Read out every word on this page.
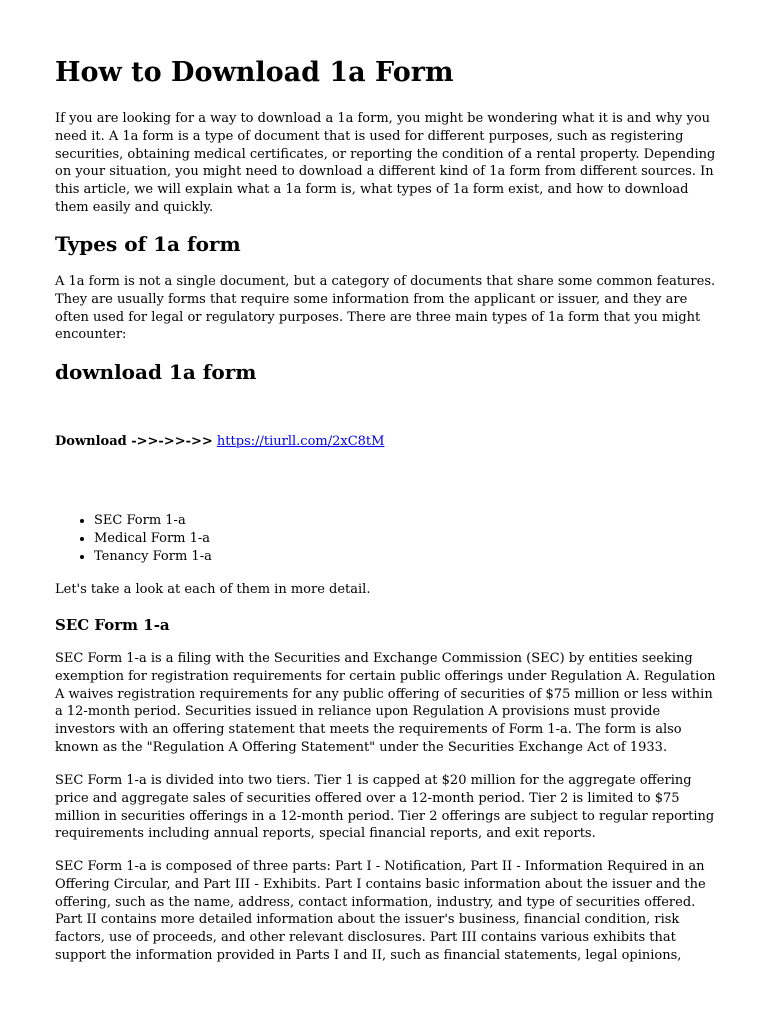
How to Download 1a Form

If you are looking for a way to download a 1a form, you might be wondering what it is and why you need it. A 1a form is a type of document that is used for different purposes, such as registering securities, obtaining medical certificates, or reporting the condition of a rental property. Depending on your situation, you might need to download a different kind of 1a form from different sources. In this article, we will explain what a 1a form is, what types of 1a form exist, and how to download them easily and quickly.

Types of 1a form

A 1a form is not a single document, but a category of documents that share some common features. They are usually forms that require some information from the applicant or issuer, and they are often used for legal or regulatory purposes. There are three main types of 1a form that you might encounter:

download 1a form
Download ->>->>->> https://tiurll.com/2xC8tM
• SEC Form 1-a
• Medical Form 1-a
• Tenancy Form 1-a

Let's take a look at each of them in more detail.

SEC Form 1-a

SEC Form 1-a is a filing with the Securities and Exchange Commission (SEC) by entities seeking exemption for registration requirements for certain public offerings under Regulation A. Regulation A waives registration requirements for any public offering of securities of $75 million or less within a 12-month period. Securities issued in reliance upon Regulation A provisions must provide investors with an offering statement that meets the requirements of Form 1-a. The form is also known as the "Regulation A Offering Statement" under the Securities Exchange Act of 1933.

SEC Form 1-a is divided into two tiers. Tier 1 is capped at $20 million for the aggregate offering price and aggregate sales of securities offered over a 12-month period. Tier 2 is limited to $75 million in securities offerings in a 12-month period. Tier 2 offerings are subject to regular reporting requirements including annual reports, special financial reports, and exit reports.

SEC Form 1-a is composed of three parts: Part I - Notification, Part II - Information Required in an Offering Circular, and Part III - Exhibits. Part I contains basic information about the issuer and the offering, such as the name, address, contact information, industry, and type of securities offered. Part II contains more detailed information about the issuer's business, financial condition, risk factors, use of proceeds, and other relevant disclosures. Part III contains various exhibits that support the information provided in Parts I and II, such as financial statements, legal opinions,
